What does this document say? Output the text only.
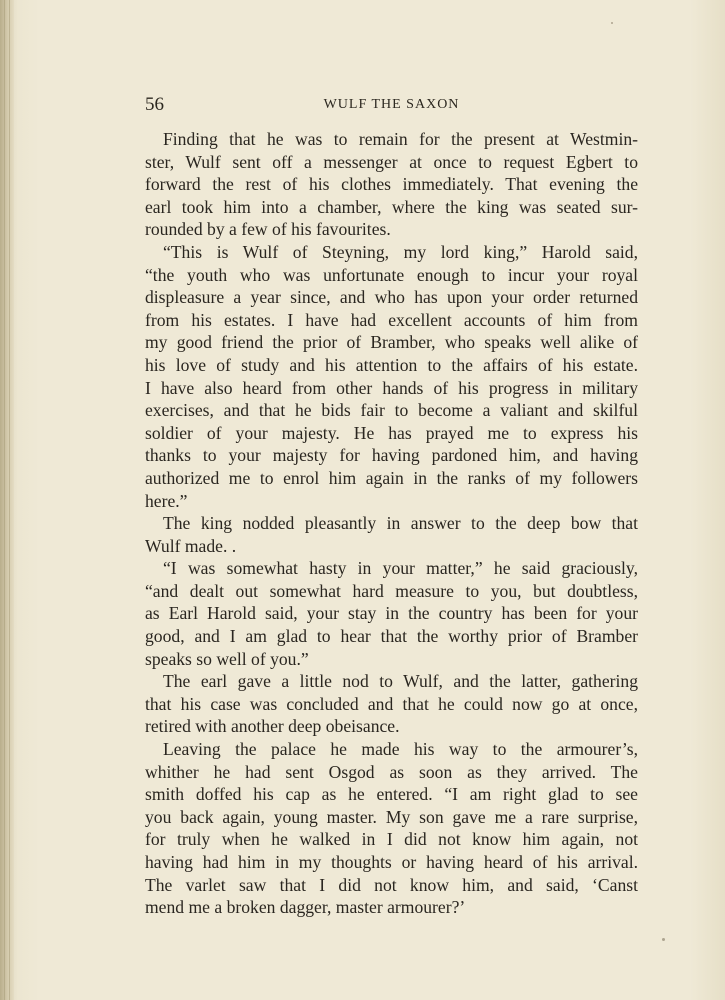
56	WULF THE SAXON
Finding that he was to remain for the present at Westmin-
ster, Wulf sent off a messenger at once to request Egbert to
forward the rest of his clothes immediately. That evening the
earl took him into a chamber, where the king was seated sur-
rounded by a few of his favourites.
“This is Wulf of Steyning, my lord king,” Harold said,
“the youth who was unfortunate enough to incur your royal
displeasure a year since, and who has upon your order returned
from his estates. I have had excellent accounts of him from
my good friend the prior of Bramber, who speaks well alike of
his love of study and his attention to the affairs of his estate.
I have also heard from other hands of his progress in military
exercises, and that he bids fair to become a valiant and skilful
soldier of your majesty. He has prayed me to express his
thanks to your majesty for having pardoned him, and having
authorized me to enrol him again in the ranks of my followers
here.”
The king nodded pleasantly in answer to the deep bow that
Wulf made. .
“I was somewhat hasty in your matter,” he said graciously,
“and dealt out somewhat hard measure to you, but doubtless,
as Earl Harold said, your stay in the country has been for your
good, and I am glad to hear that the worthy prior of Bramber
speaks so well of you.”
The earl gave a little nod to Wulf, and the latter, gathering
that his case was concluded and that he could now go at once,
retired with another deep obeisance.
Leaving the palace he made his way to the armourer’s,
whither he had sent Osgod as soon as they arrived. The
smith doffed his cap as he entered. “I am right glad to see
you back again, young master. My son gave me a rare surprise,
for truly when he walked in I did not know him again, not
having had him in my thoughts or having heard of his arrival.
The varlet saw that I did not know him, and said, ‘Canst
mend me a broken dagger, master armourer?’
